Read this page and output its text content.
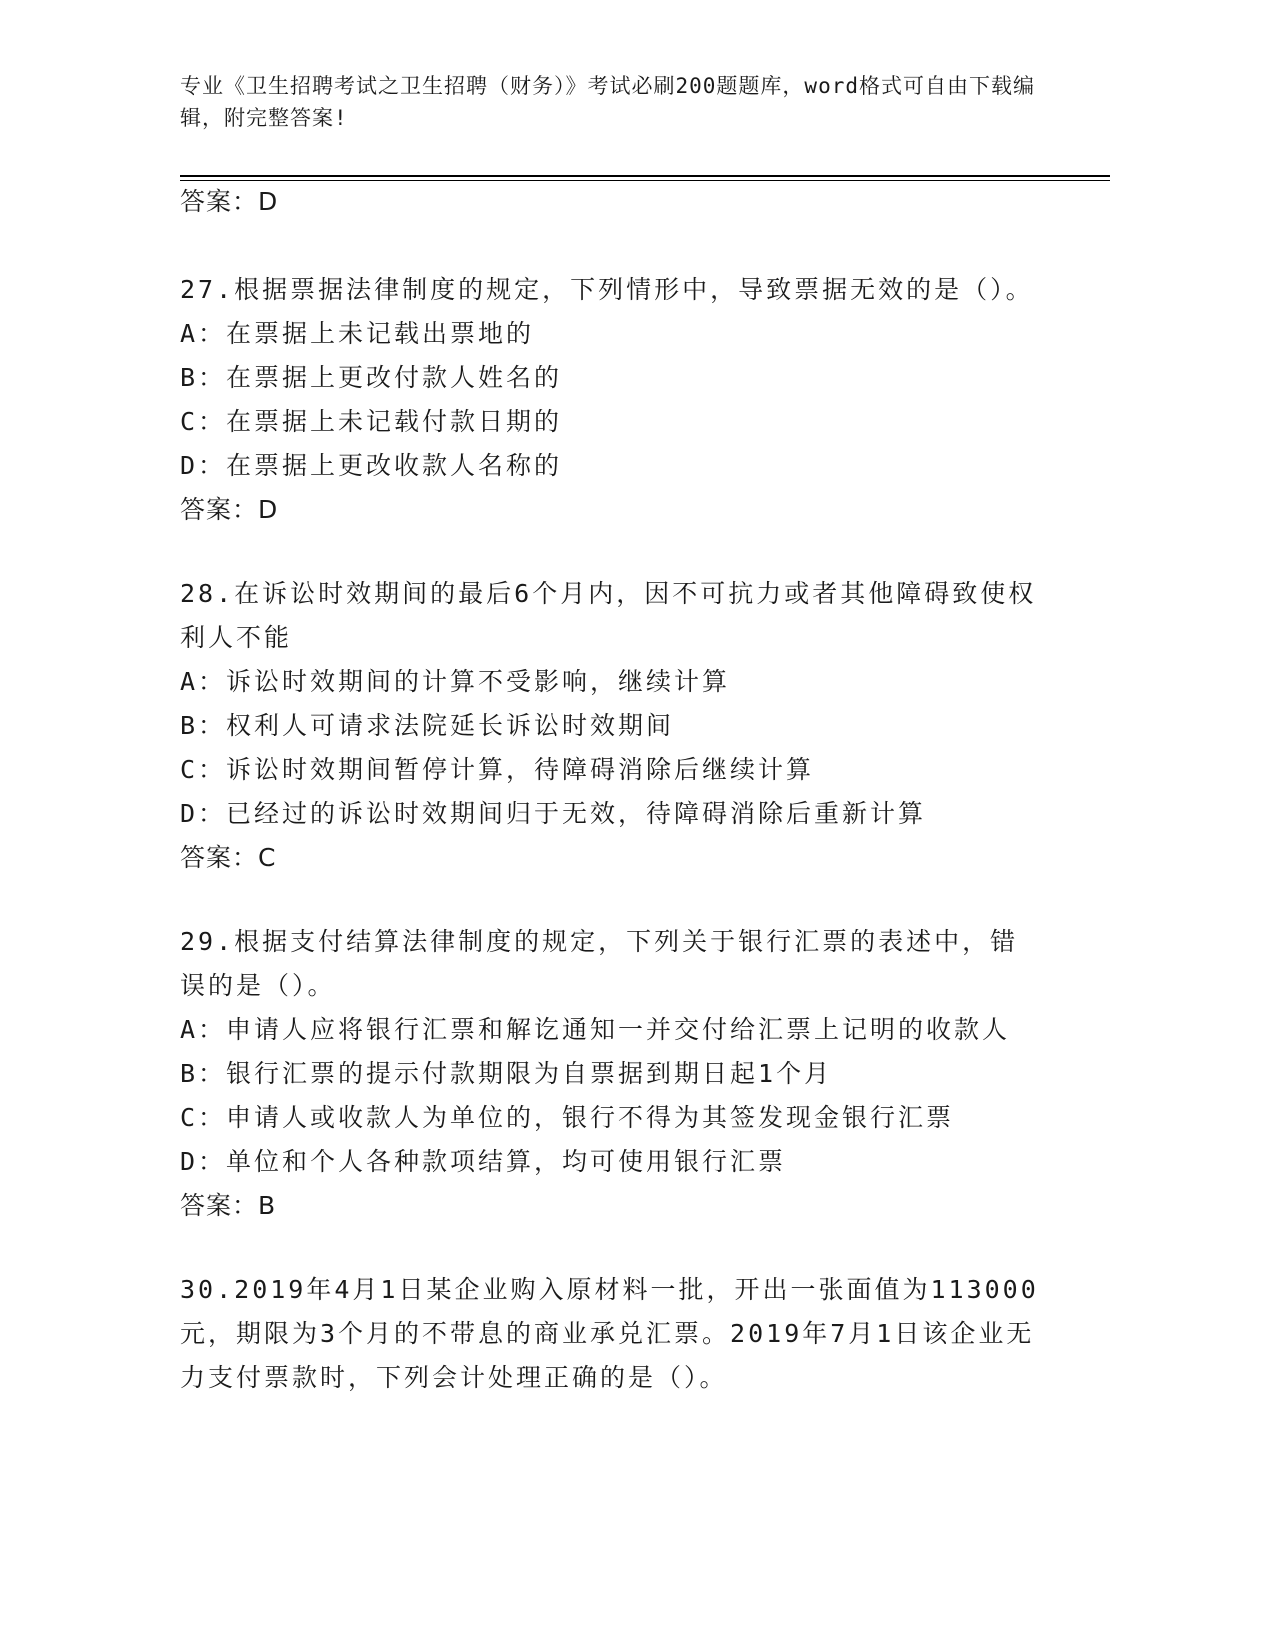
专业《卫生招聘考试之卫生招聘（财务）》考试必刷200题题库，word格式可自由下载编辑，附完整答案!
答案：D

27.根据票据法律制度的规定，下列情形中，导致票据无效的是（）。

A：在票据上未记载出票地的
B：在票据上更改付款人姓名的
C：在票据上未记载付款日期的
D：在票据上更改收款人名称的
答案：D

28.在诉讼时效期间的最后6个月内，因不可抗力或者其他障碍致使权利人不能

A：诉讼时效期间的计算不受影响，继续计算
B：权利人可请求法院延长诉讼时效期间
C：诉讼时效期间暂停计算，待障碍消除后继续计算
D：已经过的诉讼时效期间归于无效，待障碍消除后重新计算
答案：C

29.根据支付结算法律制度的规定，下列关于银行汇票的表述中，错误的是（）。

A：申请人应将银行汇票和解讫通知一并交付给汇票上记明的收款人
B：银行汇票的提示付款期限为自票据到期日起1个月
C：申请人或收款人为单位的，银行不得为其签发现金银行汇票
D：单位和个人各种款项结算，均可使用银行汇票
答案：B

30.2019年4月1日某企业购入原材料一批，开出一张面值为113000元，期限为3个月的不带息的商业承兑汇票。2019年7月1日该企业无力支付票款时，下列会计处理正确的是（）。
